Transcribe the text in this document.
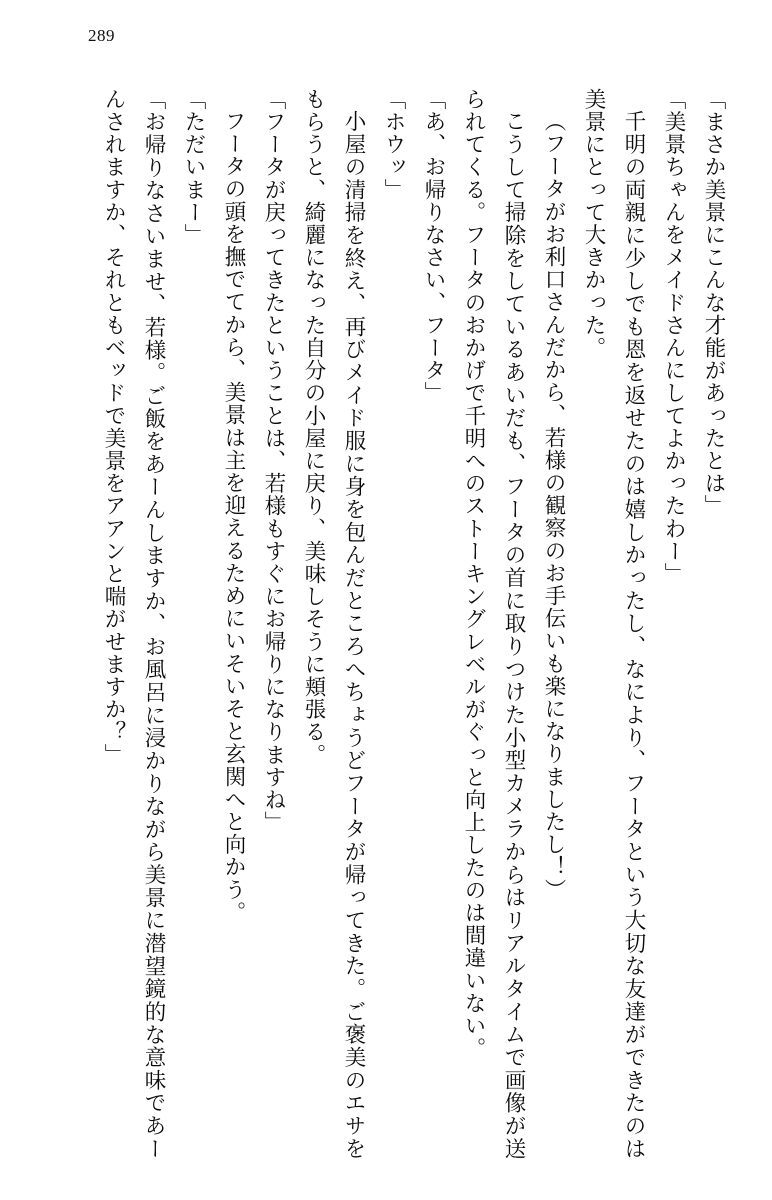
289

「まさか美景にこんな才能があったとは」

「美景ちゃんをメイドさんにしてよかったわー」

千明の両親に少しでも恩を返せたのは嬉しかったし、なにより、フータという大切な友達ができたのは美景にとって大きかった。

（フータがお利口さんだから、若様の観察のお手伝いも楽になりましたし！）

こうして掃除をしているあいだも、フータの首に取りつけた小型カメラからはリアルタイムで画像が送られてくる。フータのおかげで千明へのストーキングレベルがぐっと向上したのは間違いない。

「あ、お帰りなさい、フータ」

「ホウッ」

小屋の清掃を終え、再びメイド服に身を包んだところへちょうどフータが帰ってきた。ご褒美のエサをもらうと、綺麗になった自分の小屋に戻り、美味しそうに頬張る。

「フータが戻ってきたということは、若様もすぐにお帰りになりますね」

フータの頭を撫でてから、美景は主を迎えるためにいそいそと玄関へと向かう。

「ただいまー」

「お帰りなさいませ、若様。ご飯をあーんしますか、お風呂に浸かりながら美景に潜望鏡的な意味であーんされますか、それともベッドで美景をアアンと喘がせますか？」
